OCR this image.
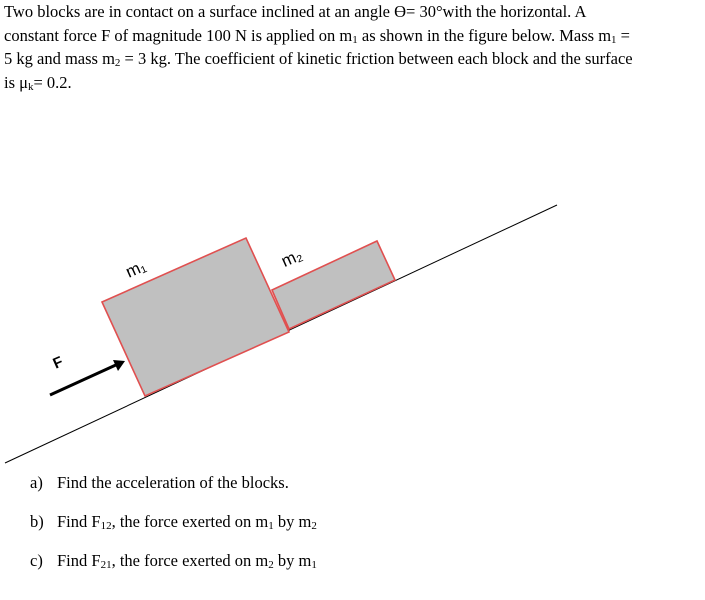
Two blocks are in contact on a surface inclined at an angle ϴ= 30°with the horizontal. A

constant force F of magnitude 100 N is applied on $m_1$ as shown in the figure below. Mass $m_1$ =

5 kg and mass $m_2 = 3$ kg. The coefficient of kinetic friction between each block and the surface

is $\mu_k= 0.2$.

m₁	m₂
F
a) Find the acceleration of the blocks.
b) Find $F_{12}$, the force exerted on $m_1$ by $m_2$
c) Find $F_{21}$, the force exerted on $m_2$ by $m_1$
